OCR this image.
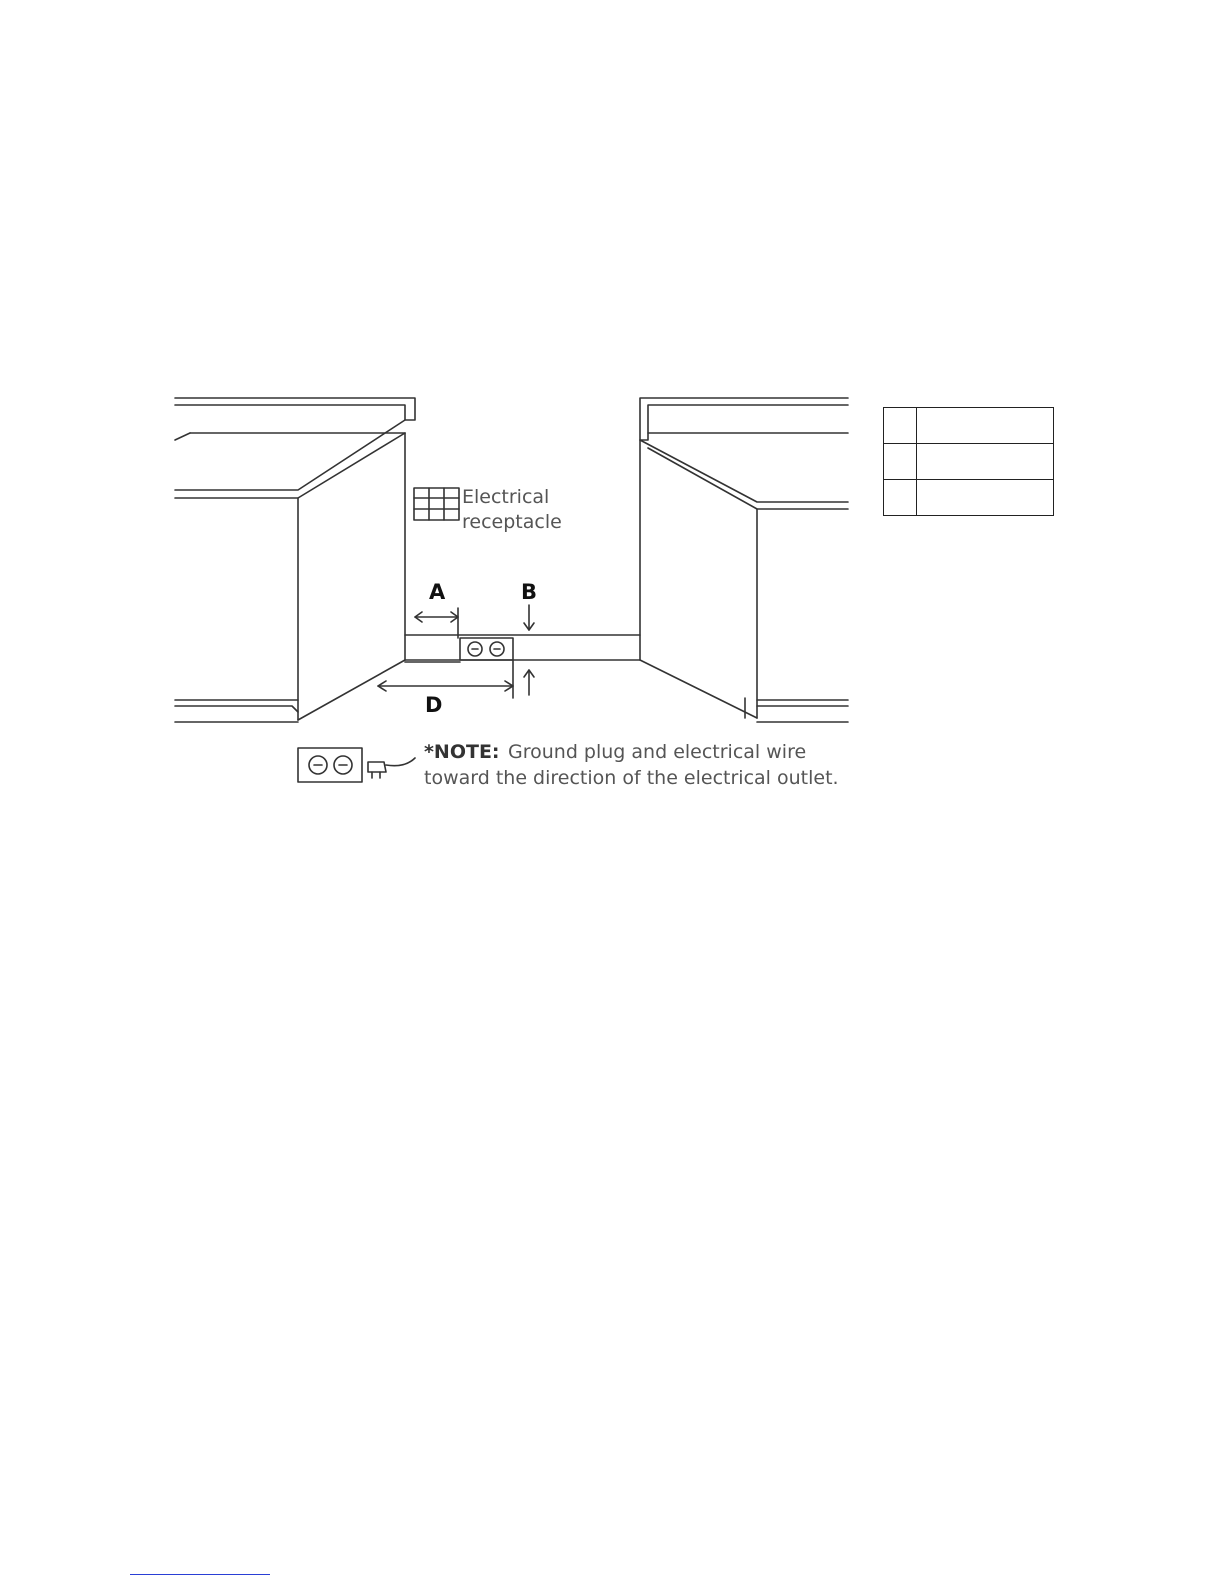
Electrical
receptacle
A	B
D
*NOTE: Ground plug and electrical wire
toward the direction of the electrical outlet.
